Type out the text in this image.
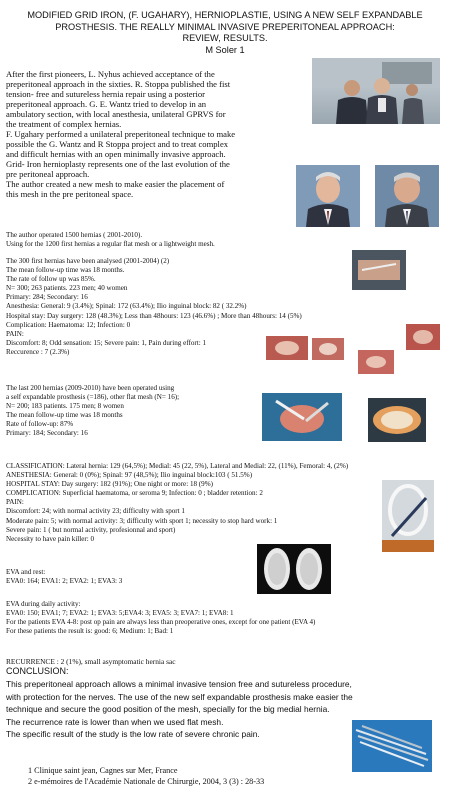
MODIFIED GRID IRON, (F. UGAHARY), HERNIOPLASTIE, USING A NEW SELF EXPANDABLE
PROSTHESIS. THE REALLY MINIMAL INVASIVE PREPERITONEAL APPROACH:
REVIEW, RESULTS.
M Soler 1
After the first pioneers, L. Nyhus achieved acceptance of the
preperitoneal approach in the sixties. R. Stoppa published the fist
tension- free and sutureless hernia repair using a posterior
preperitoneal approach. G. E. Wantz tried to develop in an
ambulatory section, with local anesthesia, unilateral GPRVS for
the treatment of complex hernias.
F. Ugahary performed a unilateral preperitoneal technique to make
possible the G. Wantz and R Stoppa project and to treat complex
and difficult hernias with an open minimally invasive approach.
Grid- Iron hernioplasty represents one of the last evolution of the
pre peritoneal approach.
The author created a new mesh to make easier the placement of
this mesh in the pre peritoneal space.
The author operated 1500 hernias ( 2001-2010).
Using for the 1200 first hernias a regular flat mesh or a lightweight mesh.
The 300 first hernias have been analysed (2001-2004) (2)
The mean follow-up time was 18 months.
The rate of follow up was 85%.
N= 300; 263 patients. 223 men; 40 women
Primary: 284; Secondary: 16
Anesthesia: General: 9 (3.4%); Spinal: 172 (63.4%); Ilio inguinal block: 82 ( 32.2%)
Hospital stay: Day surgery: 128 (48.3%); Less than 48hours: 123 (46.6%) ; More than 48hours: 14 (5%)
Complication: Haematoma: 12; Infection: 0
PAIN:
Discomfort: 8; Odd sensation: 15; Severe pain: 1, Pain during effort: 1
Reccurence : 7 (2.3%)
The last 200 hernias (2009-2010) have been operated using
a self expandable prosthesis (=186), other flat mesh (N= 16);
N= 200; 183 patients. 175 men; 8 women
The mean follow-up time was 18 months
Rate of follow-up: 87%
Primary: 184; Secondary: 16
CLASSIFICATION: Lateral hernia: 129 (64,5%); Medial: 45 (22, 5%), Lateral and Medial: 22, (11%), Femoral: 4, (2%)
ANESTHESIA: General: 0 (0%); Spinal: 97 (48,5%); Ilio inguinal block:103 ( 51.5%)
HOSPITAL STAY: Day surgery: 182 (91%); One night or more: 18 (9%)
COMPLICATION: Superficial haematoma, or seroma 9; Infection: 0 ; bladder retention: 2
PAIN:
Discomfort: 24; with normal activity 23; difficulty with sport 1
Moderate pain: 5; with normal activity: 3; difficulty with sport 1; necessity to stop hard work: 1
Severe pain: 1 ( but normal activity, profesionnal and sport)
Necessity to have pain killer: 0
EVA and rest:
EVA0: 164; EVA1: 2; EVA2: 1; EVA3: 3
EVA during daily activity:
EVA0: 150; EVA1; 7; EVA2: 1; EVA3: 5;EVA4: 3; EVA5: 3; EVA7: 1; EVA8: 1
For the patients EVA 4-8: post op pain are always less than preoperative ones, except for one patient (EVA 4)
For these patients the result is: good: 6; Medium: 1; Bad: 1
RECURRENCE : 2 (1%), small asymptomatic hernia sac
CONCLUSION:
This preperitoneal approach allows a minimal invasive tension free and sutureless procedure,
with protection for the nerves. The use of the new self expandable prosthesis make easier the
technique and secure the good position of the mesh, specially for the big medial hernia.
The recurrence rate is lower than when we used flat mesh.
The specific result of the study is the low rate of severe chronic pain.
1 Clinique saint jean, Cagnes sur Mer, France
2 e-mémoires de l'Académie Nationale de Chirurgie, 2004, 3 (3) : 28-33
